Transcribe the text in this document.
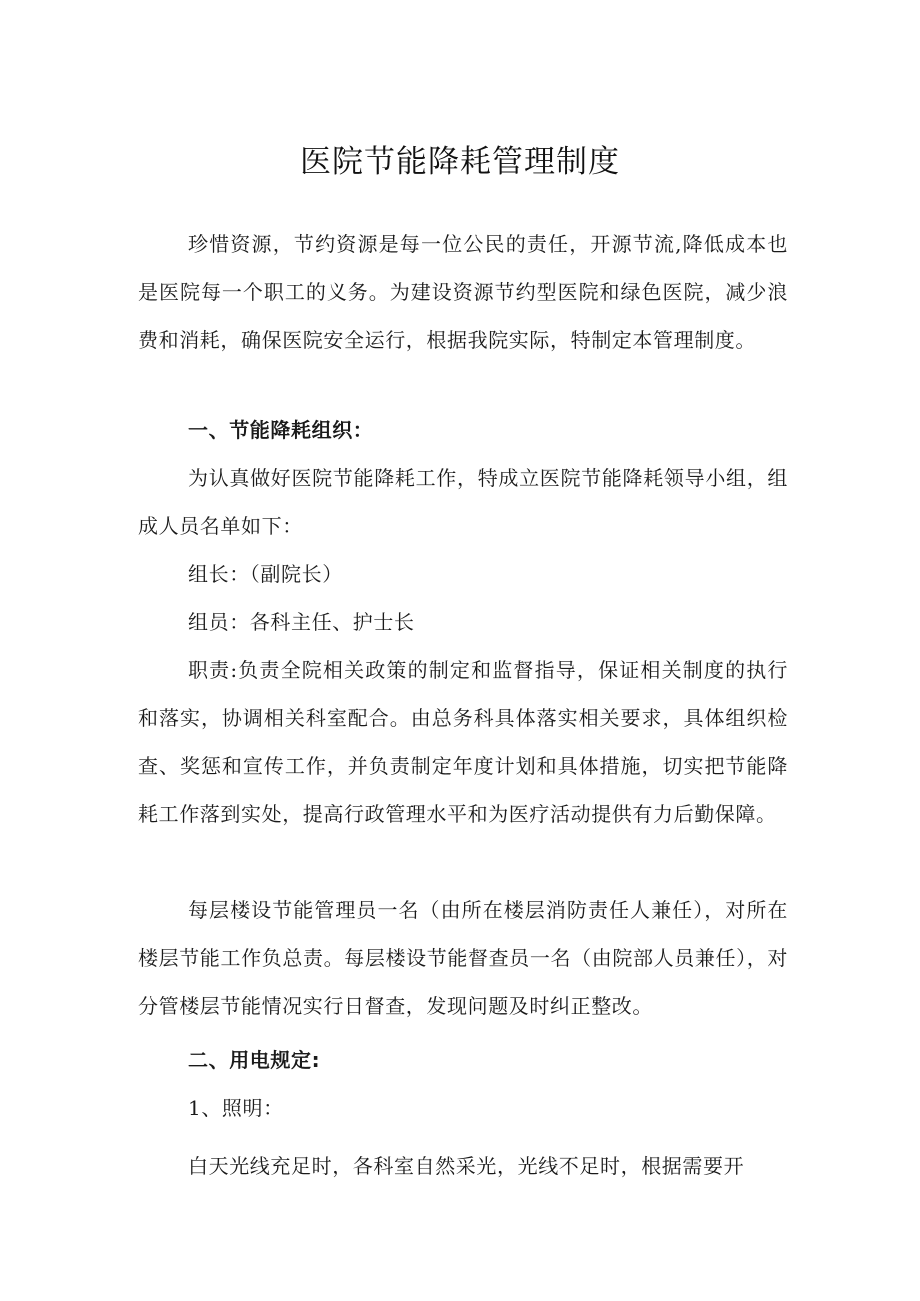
医院节能降耗管理制度

珍惜资源，节约资源是每一位公民的责任，开源节流,降低成本也是医院每一个职工的义务。为建设资源节约型医院和绿色医院，减少浪费和消耗，确保医院安全运行，根据我院实际，特制定本管理制度。

一、节能降耗组织：

为认真做好医院节能降耗工作，特成立医院节能降耗领导小组，组成人员名单如下：

组长：（副院长）

组员：各科主任、护士长

职责:负责全院相关政策的制定和监督指导，保证相关制度的执行和落实，协调相关科室配合。由总务科具体落实相关要求，具体组织检查、奖惩和宣传工作，并负责制定年度计划和具体措施，切实把节能降耗工作落到实处，提高行政管理水平和为医疗活动提供有力后勤保障。

每层楼设节能管理员一名（由所在楼层消防责任人兼任），对所在楼层节能工作负总责。每层楼设节能督查员一名（由院部人员兼任），对分管楼层节能情况实行日督查，发现问题及时纠正整改。

二、用电规定:

1、照明：

白天光线充足时，各科室自然采光，光线不足时，根据需要开
